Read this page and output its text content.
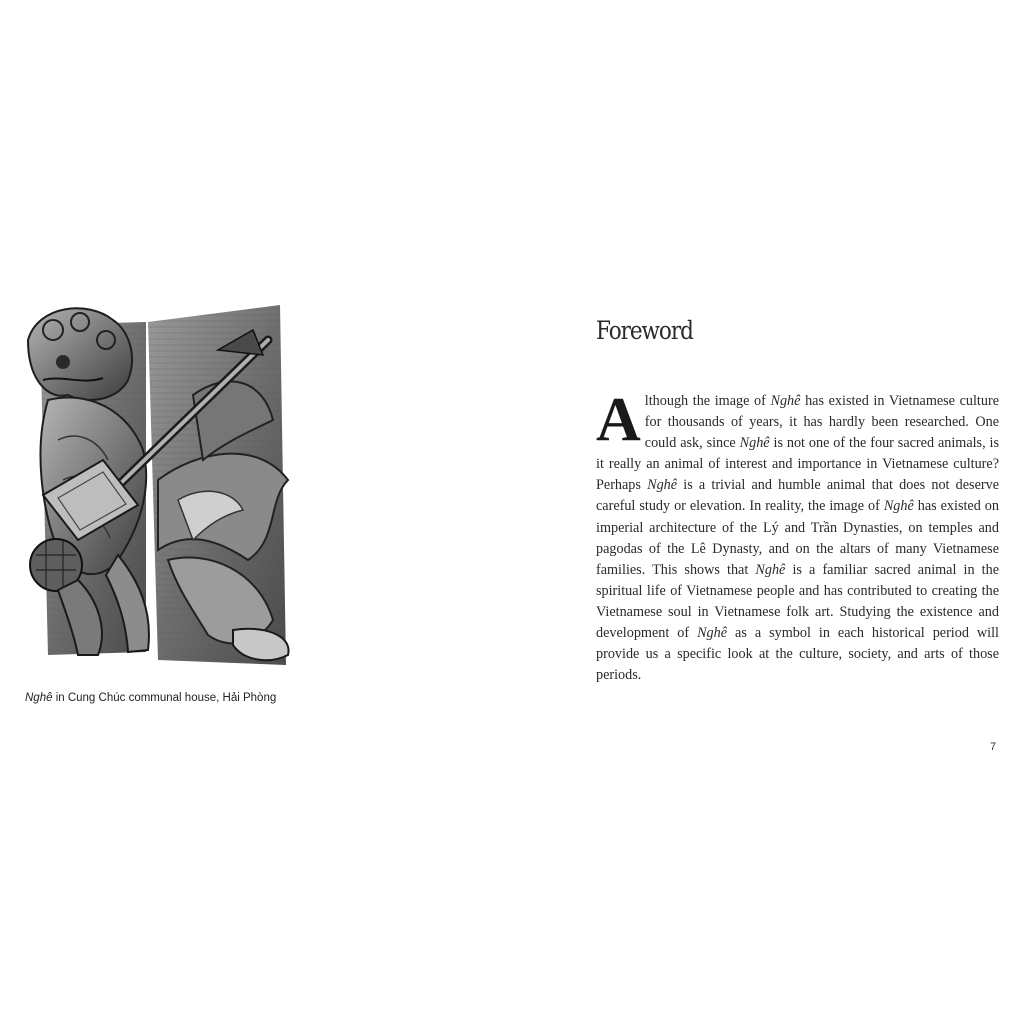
Nghê in Cung Chúc communal house, Hải Phòng
Foreword

Although the image of Nghê has existed in Vietnamese culture for thousands of years, it has hardly been researched. One could ask, since Nghê is not one of the four sacred animals, is it really an animal of interest and importance in Vietnamese culture? Perhaps Nghê is a trivial and humble animal that does not deserve careful study or elevation. In reality, the image of Nghê has existed on imperial architecture of the Lý and Trần Dynasties, on temples and pagodas of the Lê Dynasty, and on the altars of many Vietnamese families. This shows that Nghê is a familiar sacred animal in the spiritual life of Vietnamese people and has contributed to creating the Vietnamese soul in Vietnamese folk art. Studying the existence and development of Nghê as a symbol in each historical period will provide us a specific look at the culture, society, and arts of those periods.

7
